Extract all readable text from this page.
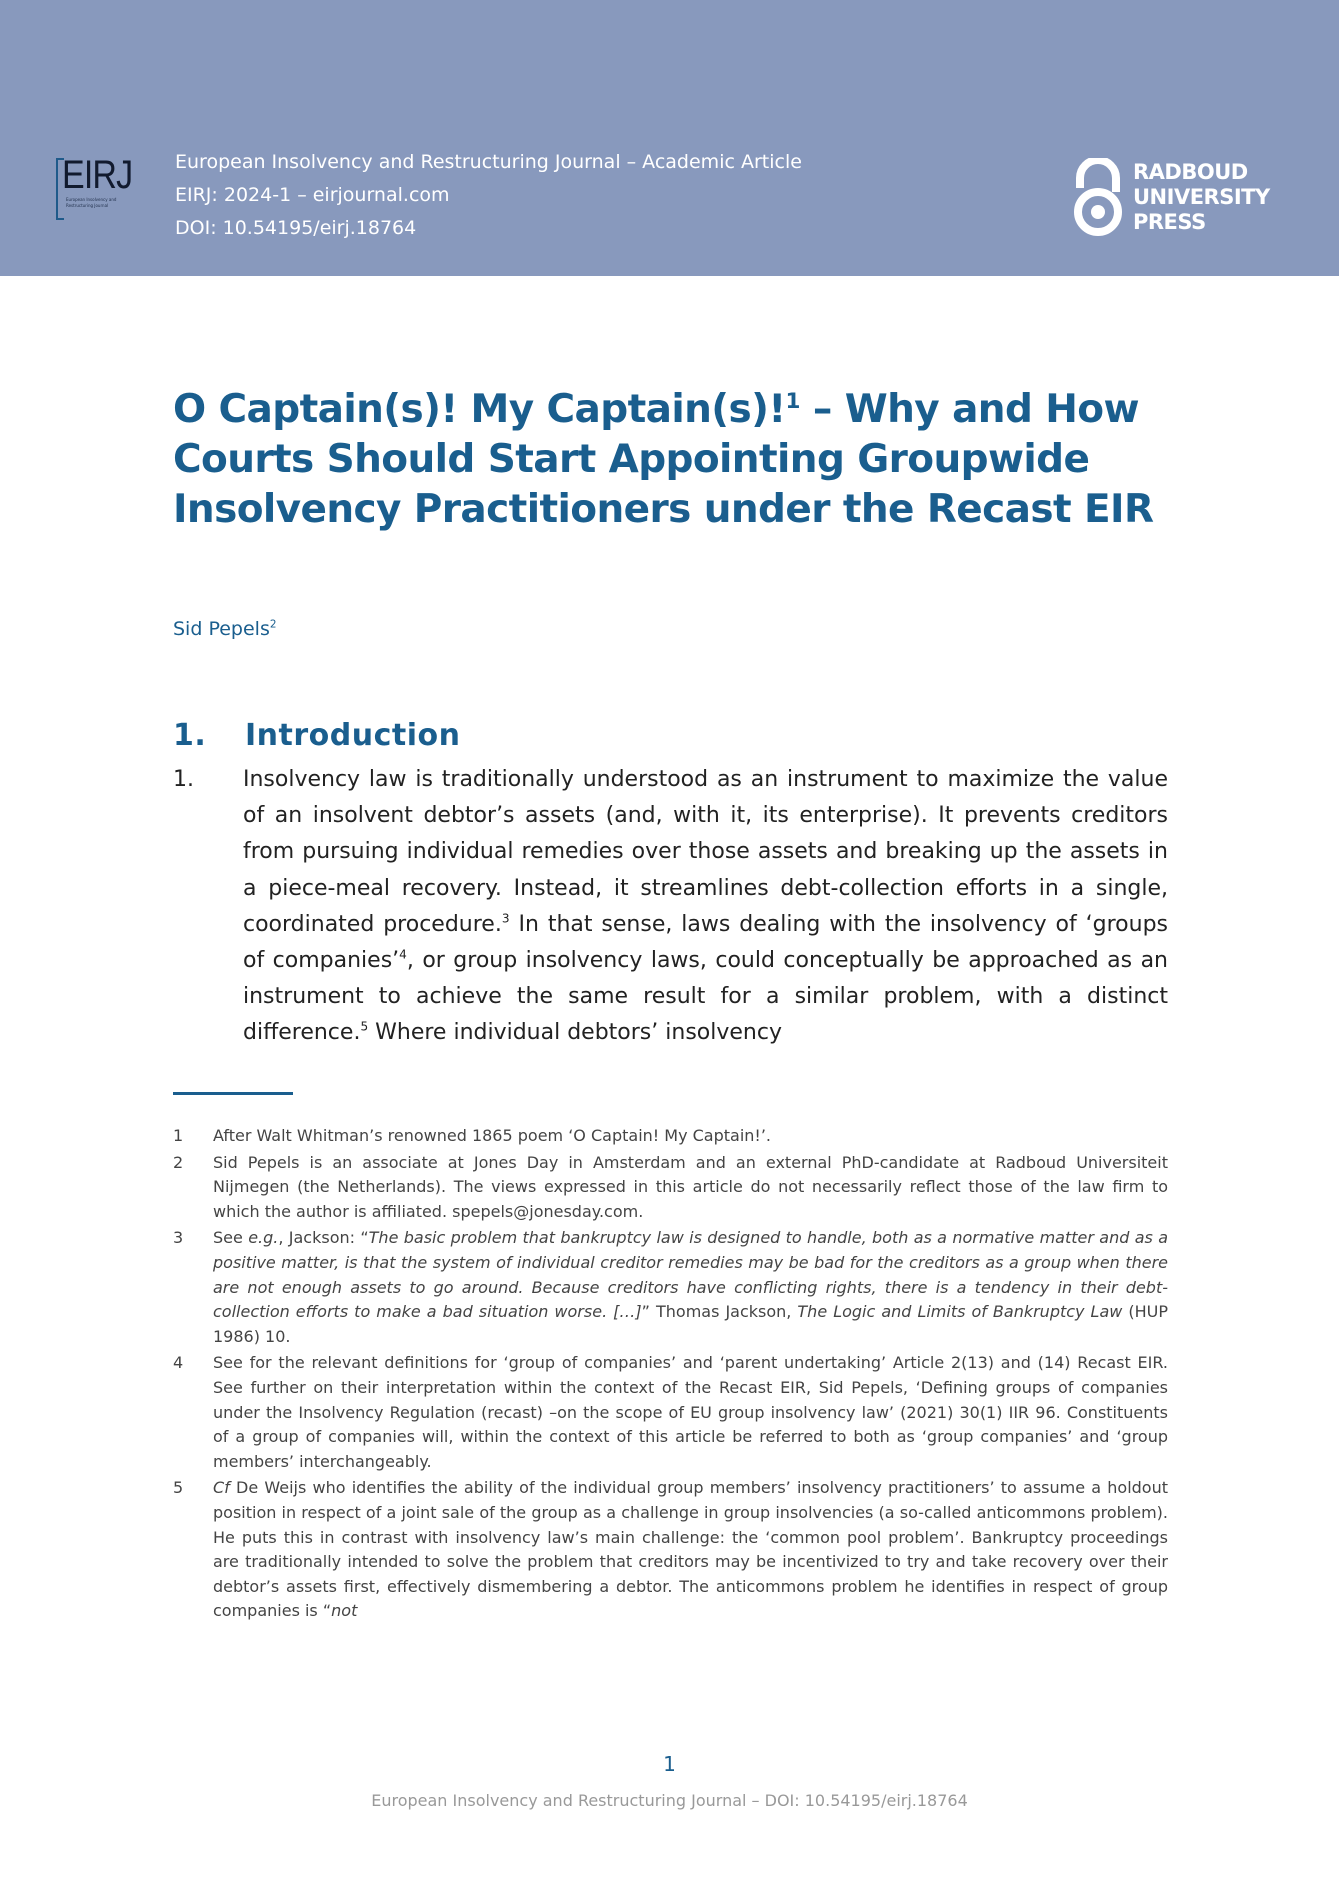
EIRJ
European Insolvency and Restructuring Journal
European Insolvency and Restructuring Journal – Academic Article
EIRJ: 2024-1 – eirjournal.com
DOI: 10.54195/eirj.18764
RADBOUD
UNIVERSITY
PRESS
O Captain(s)! My Captain(s)!$^1$ – Why and How Courts Should Start Appointing Groupwide Insolvency Practitioners under the Recast EIR
Sid Pepels$^2$
1. Introduction
1. Insolvency law is traditionally understood as an instrument to maximize the value of an insolvent debtor’s assets (and, with it, its enterprise). It prevents creditors from pursuing individual remedies over those assets and breaking up the assets in a piece-meal recovery. Instead, it streamlines debt-collection efforts in a single, coordinated procedure.$^3$ In that sense, laws dealing with the insolvency of ‘groups of companies’$^4$, or group insolvency laws, could conceptually be approached as an instrument to achieve the same result for a similar problem, with a distinct difference.$^5$ Where individual debtors’ insolvency
1 After Walt Whitman’s renowned 1865 poem ‘O Captain! My Captain!’.
2 Sid Pepels is an associate at Jones Day in Amsterdam and an external PhD-candidate at Radboud Universiteit Nijmegen (the Netherlands). The views expressed in this article do not necessarily reflect those of the law firm to which the author is affiliated. spepels@jonesday.com.
3 See e.g., Jackson: “The basic problem that bankruptcy law is designed to handle, both as a normative matter and as a positive matter, is that the system of individual creditor remedies may be bad for the creditors as a group when there are not enough assets to go around. Because creditors have conflicting rights, there is a tendency in their debt-collection efforts to make a bad situation worse. […]” Thomas Jackson, The Logic and Limits of Bankruptcy Law (HUP 1986) 10.
4 See for the relevant definitions for ‘group of companies’ and ‘parent undertaking’ Article 2(13) and (14) Recast EIR. See further on their interpretation within the context of the Recast EIR, Sid Pepels, ‘Defining groups of companies under the Insolvency Regulation (recast) –on the scope of EU group insolvency law’ (2021) 30(1) IIR 96. Constituents of a group of companies will, within the context of this article be referred to both as ‘group companies’ and ‘group members’ interchangeably.
5 Cf De Weijs who identifies the ability of the individual group members’ insolvency practitioners’ to assume a holdout position in respect of a joint sale of the group as a challenge in group insolvencies (a so-called anticommons problem). He puts this in contrast with insolvency law’s main challenge: the ‘common pool problem’. Bankruptcy proceedings are traditionally intended to solve the problem that creditors may be incentivized to try and take recovery over their debtor’s assets first, effectively dismembering a debtor. The anticommons problem he identifies in respect of group companies is “not
1
European Insolvency and Restructuring Journal – DOI: 10.54195/eirj.18764
